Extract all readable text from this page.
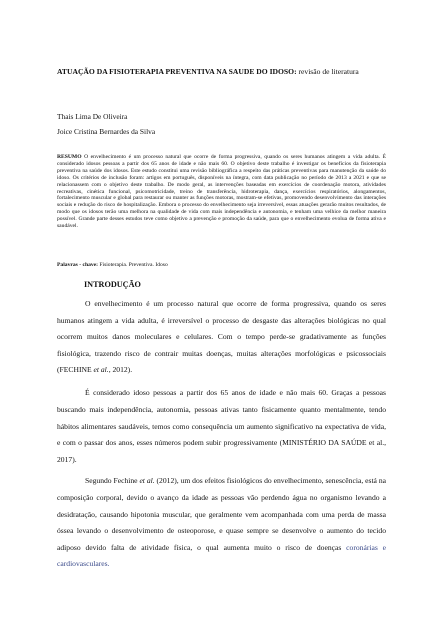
ATUAÇÃO DA FISIOTERAPIA PREVENTIVA NA SAUDE DO IDOSO: revisão de literatura
Thais Lima De Oliveira
Joice Cristina Bernardes da Silva
RESUMO O envelhecimento é um processo natural que ocorre de forma progressiva, quando os seres humanos atingem a vida adulta. É considerado idosos pessoas a partir dos 65 anos de idade e não mais 60. O objetivo deste trabalho é investigar os benefícios da fisioterapia preventiva na saúde dos idosos. Este estudo constitui uma revisão bibliográfica a respeito das práticas preventivas para manutenção da saúde do idoso. Os critérios de inclusão foram: artigos em português, disponíveis na íntegra, com data publicação no período de 2013 a 2021 e que se relacionassem com o objetivo deste trabalho. De modo geral, as intervenções baseadas em exercícios de coordenação motora, atividades recreativas, cinética funcional, psicomotricidade, treino de transferência, hidroterapia, dança, exercícios respiratórios, alongamentos, fortalecimento muscular e global para restaurar ou manter as funções motoras, mostram-se efetivas, promovendo desenvolvimento das interações sociais e redução do risco de hospitalização. Embora o processo do envelhecimento seja irreversível, essas atuações gerarão muitos resultados, de modo que os idosos terão uma melhora na qualidade de vida com mais independência e autonomia, e tenham uma velhice da melhor maneira possível. Grande parte desses estudos teve como objetivo a prevenção e promoção da saúde, para que o envelhecimento evolua de forma ativa e saudável.
Palavras - chave: Fisioterapia. Preventiva. Idoso
INTRODUÇÃO

O envelhecimento é um processo natural que ocorre de forma progressiva, quando os seres humanos atingem a vida adulta, é irreversível o processo de desgaste das alterações biológicas no qual ocorrem muitos danos moleculares e celulares. Com o tempo perde-se gradativamente as funções fisiológica, trazendo risco de contrair muitas doenças, muitas alterações morfológicas e psicossociais (FECHINE et al., 2012).

É considerado idoso pessoas a partir dos 65 anos de idade e não mais 60. Graças a pessoas buscando mais independência, autonomia, pessoas ativas tanto fisicamente quanto mentalmente, tendo hábitos alimentares saudáveis, temos como consequência um aumento significativo na expectativa de vida, e com o passar dos anos, esses números podem subir progressivamente (MINISTÉRIO DA SAÚDE et al., 2017).

Segundo Fechine et al. (2012), um dos efeitos fisiológicos do envelhecimento, senescência, está na composição corporal, devido o avanço da idade as pessoas vão perdendo água no organismo levando a desidratação, causando hipotonia muscular, que geralmente vem acompanhada com uma perda de massa óssea levando o desenvolvimento de osteoporose, e quase sempre se desenvolve o aumento do tecido adiposo devido falta de atividade física, o qual aumenta muito o risco de doenças coronárias e cardiovasculares.
